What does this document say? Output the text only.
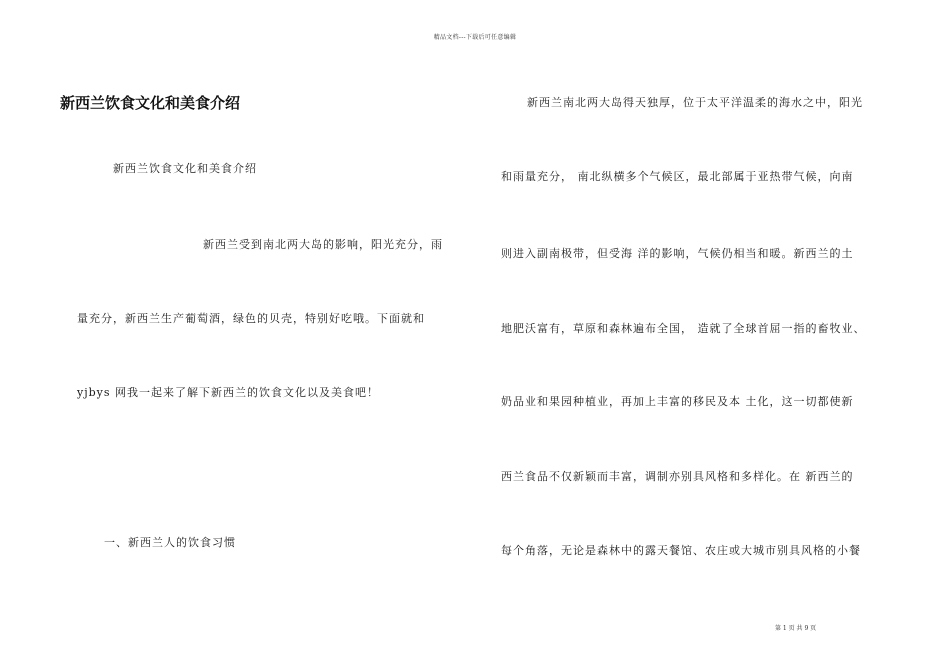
精品文档---下载后可任意编辑
新西兰饮食文化和美食介绍
新西兰饮食文化和美食介绍
新西兰受到南北两大岛的影响，阳光充分，雨
量充分，新西兰生产葡萄酒，绿色的贝壳，特别好吃哦。下面就和
yjbys 网我一起来了解下新西兰的饮食文化以及美食吧！
一、新西兰人的饮食习惯
新西兰南北两大岛得天独厚，位于太平洋温柔的海水之中，阳光
和雨量充分， 南北纵横多个气候区，最北部属于亚热带气候，向南
则进入副南极带，但受海 洋的影响，气候仍相当和暖。新西兰的土
地肥沃富有，草原和森林遍布全国， 造就了全球首屈一指的畜牧业、
奶品业和果园种植业，再加上丰富的移民及本 土化，这一切都使新
西兰食品不仅新颖而丰富，调制亦别具风格和多样化。在 新西兰的
每个角落，无论是森林中的露天餐馆、农庄或大城市别具风格的小餐
第 1 页 共 9 页
